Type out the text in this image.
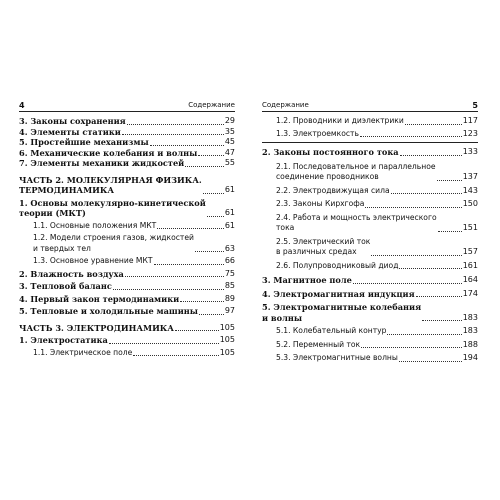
4	Содержание
3. Законы сохранения	29
4. Элементы статики	35
5. Простейшие механизмы	45
6. Механические колебания и волны	47
7. Элементы механики жидкостей	55
ЧАСТЬ 2. МОЛЕКУЛЯРНАЯ ФИЗИКА.
ТЕРМОДИНАМИКА	61
1. Основы молекулярно-кинетической
теории (МКТ)	61
1.1. Основные положения МКТ	61
1.2. Модели строения газов, жидкостей
и твердых тел	63
1.3. Основное уравнение МКТ	66
2. Влажность воздуха	75
3. Тепловой баланс	85
4. Первый закон термодинамики	89
5. Тепловые и холодильные машины	97
ЧАСТЬ 3. ЭЛЕКТРОДИНАМИКА	105
1. Электростатика	105
1.1. Электрическое поле	105
Содержание	5
1.2. Проводники и диэлектрики	117
1.3. Электроемкость	123
2. Законы постоянного тока	133
2.1. Последовательное и параллельное
соединение проводников	137
2.2. Электродвижущая сила	143
2.3. Законы Кирхгофа	150
2.4. Работа и мощность электрического
тока	151
2.5. Электрический ток
в различных средах	157
2.6. Полупроводниковый диод	161
3. Магнитное поле	164
4. Электромагнитная индукция	174
5. Электромагнитные колебания
и волны	183
5.1. Колебательный контур	183
5.2. Переменный ток	188
5.3. Электромагнитные волны	194
